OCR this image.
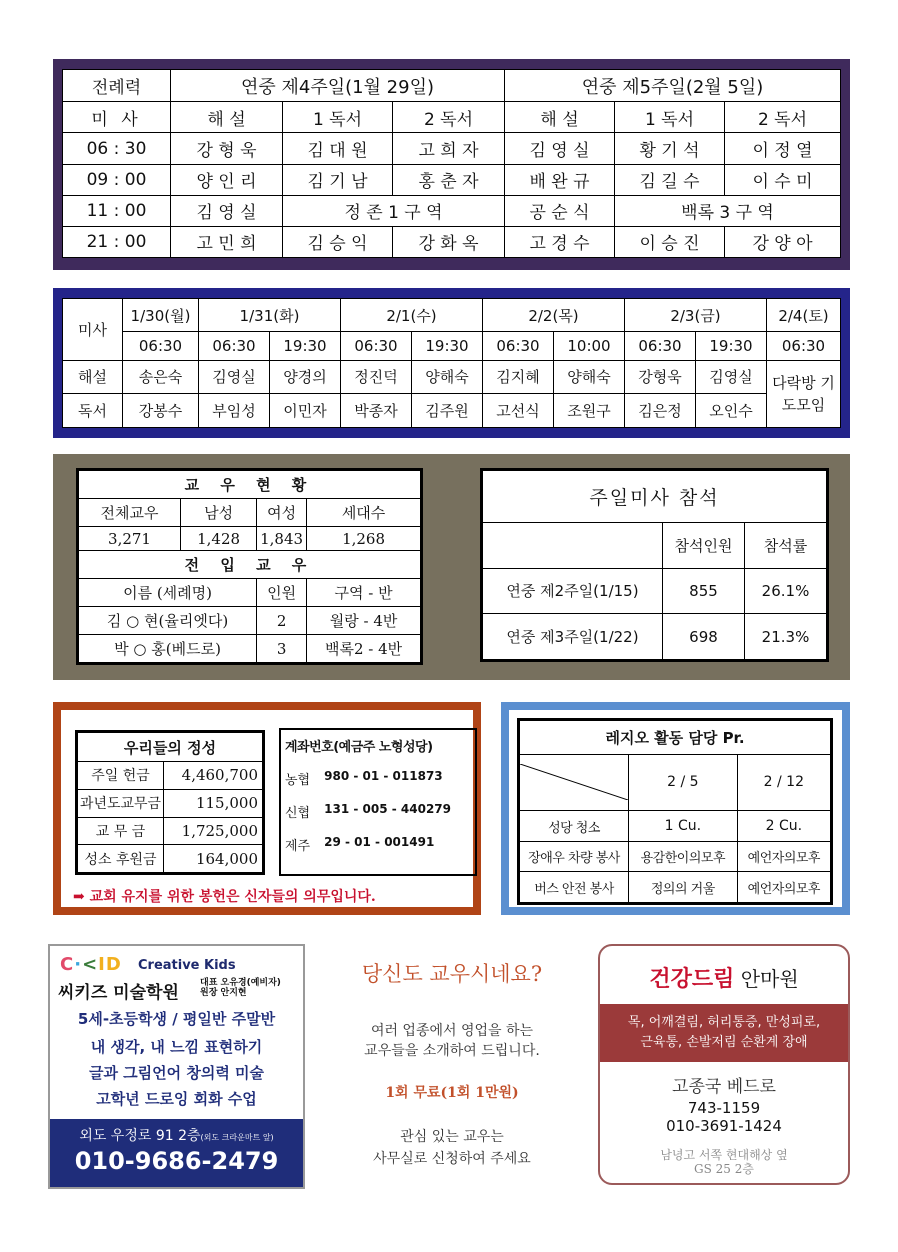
전례력	연중 제4주일(1월 29일)			연중 제5주일(2월 5일)		
미 사	해 설	1 독서	2 독서	해 설	1 독서	2 독서
06 : 30	강 형 욱	김 대 원	고 희 자	김 영 실	황 기 석	이 정 열
09 : 00	양 인 리	김 기 남	홍 춘 자	배 완 규	김 길 수	이 수 미
11 : 00	김 영 실	정 존 1 구 역		공 순 식	백록 3 구 역	
21 : 00	고 민 희	김 승 익	강 화 옥	고 경 수	이 승 진	강 양 아
미사	1/30(월)	1/31(화)		2/1(수)		2/2(목)		2/3(금)		2/4(토)
	06:30	06:30	19:30	06:30	19:30	06:30	10:00	06:30	19:30	06:30
해설	송은숙	김영실	양경의	정진덕	양해숙	김지혜	양해숙	강형욱	김영실	다락방 기도모임
독서	강봉수	부임성	이민자	박종자	김주원	고선식	조원구	김은정	오인수	
교 우 현 황			
전체교우	남성	여성	세대수
3,271	1,428	1,843	1,268
전 입 교 우			
이름 (세례명)		인원	구역 - 반
김 ○ 현(율리엣다)		2	월랑 - 4반
박 ○ 홍(베드로)		3	백록2 - 4반
주일미사 참석		
	참석인원	참석률
연중 제2주일(1/15)	855	26.1%
연중 제3주일(1/22)	698	21.3%
우리들의 정성	
주일 헌금	4,460,700
과년도교무금	115,000
교 무 금	1,725,000
성소 후원금	164,000
계좌번호(예금주 노형성당)
농협 980 - 01 - 011873
신협 131 - 005 - 440279
제주 29 - 01 - 001491
➡ 교회 유지를 위한 봉헌은 신자들의 의무입니다.
레지오 활동 담당 Pr.		

	2 / 5	2 / 12
성당 청소	1 Cu.	2 Cu.
장애우 차량 봉사	용감한이의모후	예언자의모후
버스 안전 봉사	정의의 거울	예언자의모후
C·<ID Creative Kids
씨키즈 미술학원 대표 오유경(예비자)
원장 안지현
5세-초등학생 / 평일반 주말반
내 생각, 내 느낌 표현하기
글과 그림언어 창의력 미술
고학년 드로잉 회화 수업
외도 우정로 91 2층(외도 크라운마트 앞)
010-9686-2479
당신도 교우시네요?
여러 업종에서 영업을 하는
교우들을 소개하여 드립니다.
1회 무료(1회 1만원)
관심 있는 교우는
사무실로 신청하여 주세요
건강드림 안마원
목, 어깨결림, 허리통증, 만성피로,
근육통, 손발저림 순환계 장애
고종국 베드로
743-1159
010-3691-1424
남녕고 서쪽 현대해상 옆
GS 25 2층
